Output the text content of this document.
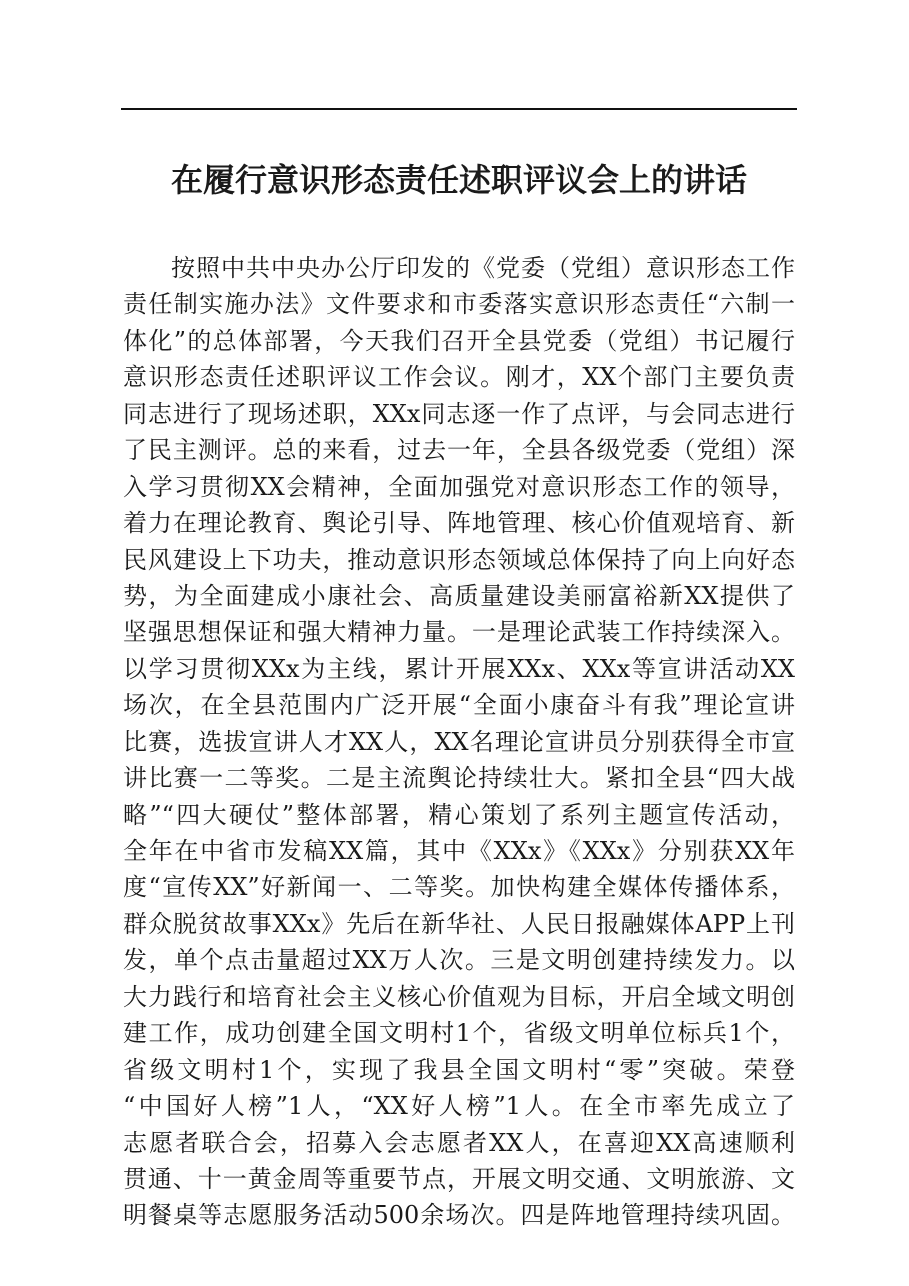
在履行意识形态责任述职评议会上的讲话
按照中共中央办公厅印发的《党委（党组）意识形态工作
责任制实施办法》文件要求和市委落实意识形态责任“六制一
体化”的总体部署，今天我们召开全县党委（党组）书记履行
意识形态责任述职评议工作会议。刚才，XX个部门主要负责
同志进行了现场述职，XXx同志逐一作了点评，与会同志进行
了民主测评。总的来看，过去一年，全县各级党委（党组）深
入学习贯彻XX会精神，全面加强党对意识形态工作的领导，
着力在理论教育、舆论引导、阵地管理、核心价值观培育、新
民风建设上下功夫，推动意识形态领域总体保持了向上向好态
势，为全面建成小康社会、高质量建设美丽富裕新XX提供了
坚强思想保证和强大精神力量。一是理论武装工作持续深入。
以学习贯彻XXx为主线，累计开展XXx、XXx等宣讲活动XX
场次，在全县范围内广泛开展“全面小康奋斗有我”理论宣讲
比赛，选拔宣讲人才XX人，XX名理论宣讲员分别获得全市宣
讲比赛一二等奖。二是主流舆论持续壮大。紧扣全县“四大战
略”“四大硬仗”整体部署，精心策划了系列主题宣传活动，
全年在中省市发稿XX篇，其中《XXx》《XXx》分别获XX年
度“宣传XX”好新闻一、二等奖。加快构建全媒体传播体系，
群众脱贫故事XXx》先后在新华社、人民日报融媒体APP上刊
发，单个点击量超过XX万人次。三是文明创建持续发力。以
大力践行和培育社会主义核心价值观为目标，开启全域文明创
建工作，成功创建全国文明村1个，省级文明单位标兵1个，
省级文明村1个，实现了我县全国文明村“零”突破。荣登
“中国好人榜”1人，“XX好人榜”1人。在全市率先成立了
志愿者联合会，招募入会志愿者XX人，在喜迎XX高速顺利
贯通、十一黄金周等重要节点，开展文明交通、文明旅游、文
明餐桌等志愿服务活动500余场次。四是阵地管理持续巩固。
